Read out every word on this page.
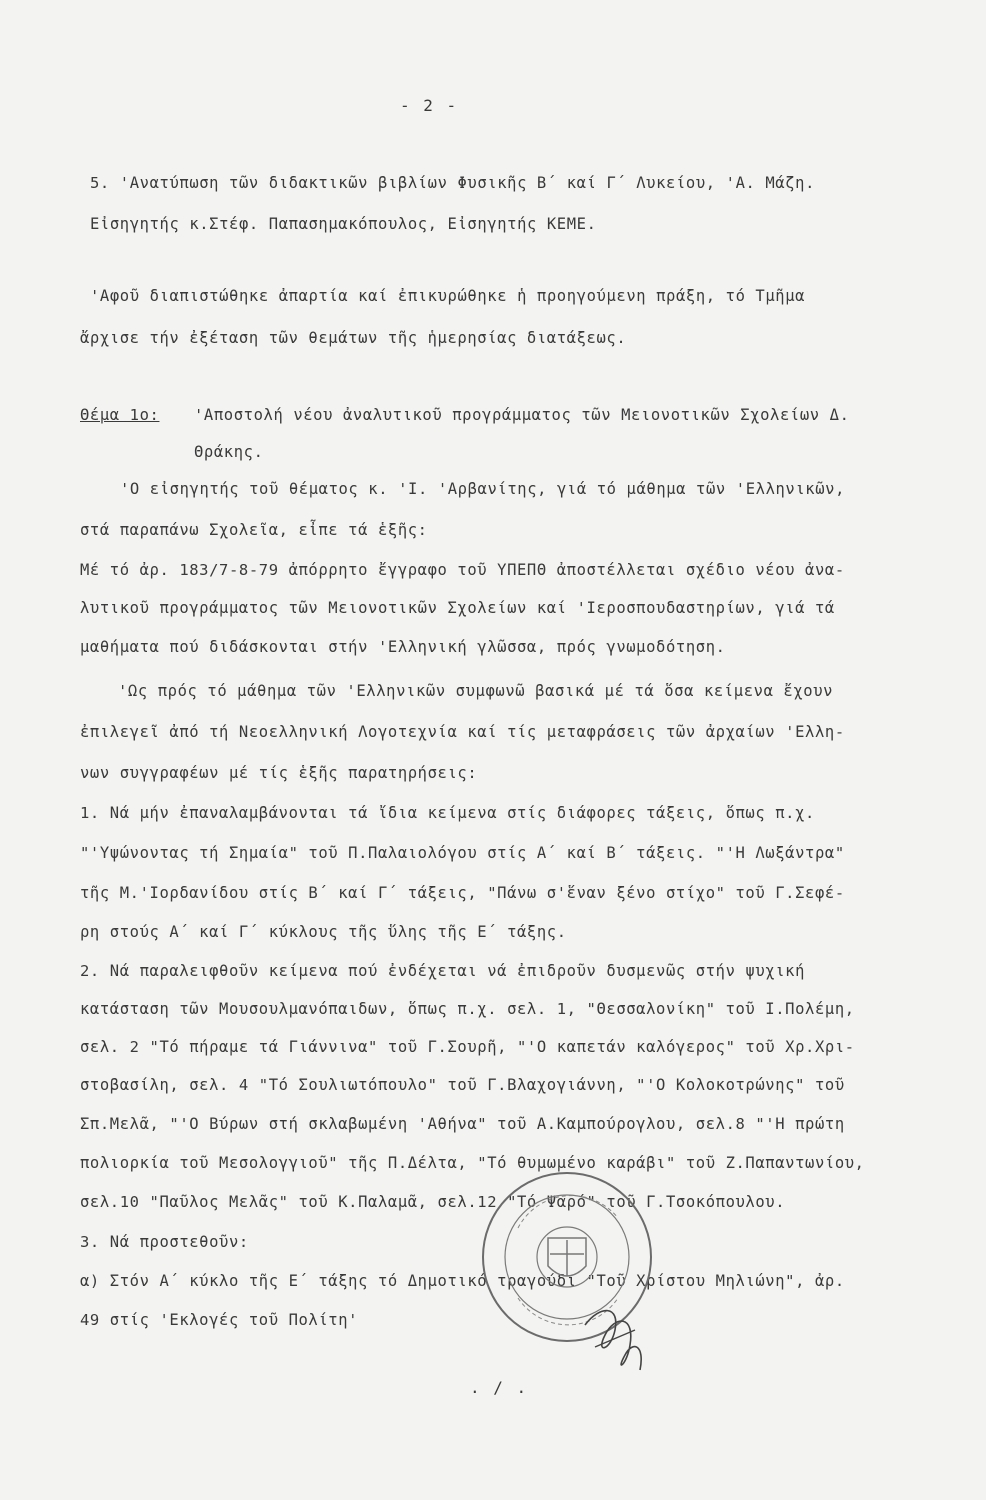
- 2 -
5. 'Ανατύπωση τῶν διδακτικῶν βιβλίων Φυσικῆς Β΄ καί Γ΄ Λυκείου, 'Α. Μάζη.
Εἰσηγητής κ.Στέφ. Παπασημακόπουλος, Εἰσηγητής ΚΕΜΕ.
'Αφοῦ διαπιστώθηκε ἀπαρτία καί ἐπικυρώθηκε ἡ προηγούμενη πράξη, τό Τμῆμα
ἄρχισε τήν ἐξέταση τῶν θεμάτων τῆς ἡμερησίας διατάξεως.
Θέμα 1ο: 'Αποστολή νέου ἀναλυτικοῦ προγράμματος τῶν Μειονοτικῶν Σχολείων Δ.
Θράκης.
'Ο εἰσηγητής τοῦ θέματος κ. 'Ι. 'Αρβανίτης, γιά τό μάθημα τῶν 'Ελληνικῶν,
στά παραπάνω Σχολεῖα, εἶπε τά ἑξῆς:
Μέ τό ἀρ. 183/7-8-79 ἀπόρρητο ἔγγραφο τοῦ ΥΠΕΠΘ ἀποστέλλεται σχέδιο νέου ἀνα-
λυτικοῦ προγράμματος τῶν Μειονοτικῶν Σχολείων καί 'Ιεροσπουδαστηρίων, γιά τά
μαθήματα πού διδάσκονται στήν 'Ελληνική γλῶσσα, πρός γνωμοδότηση.
'Ως πρός τό μάθημα τῶν 'Ελληνικῶν συμφωνῶ βασικά μέ τά ὅσα κείμενα ἔχουν
ἐπιλεγεῖ ἀπό τή Νεοελληνική Λογοτεχνία καί τίς μεταφράσεις τῶν ἀρχαίων 'Ελλη-
νων συγγραφέων μέ τίς ἑξῆς παρατηρήσεις:
1. Νά μήν ἐπαναλαμβάνονται τά ἴδια κείμενα στίς διάφορες τάξεις, ὅπως π.χ.
"'Υψώνοντας τή Σημαία" τοῦ Π.Παλαιολόγου στίς Α΄ καί Β΄ τάξεις. "'Η Λωξάντρα"
τῆς Μ.'Ιορδανίδου στίς Β΄ καί Γ΄ τάξεις, "Πάνω σ'ἕναν ξένο στίχο" τοῦ Γ.Σεφέ-
ρη στούς Α΄ καί Γ΄ κύκλους τῆς ὕλης τῆς Ε΄ τάξης.
2. Νά παραλειφθοῦν κείμενα πού ἐνδέχεται νά ἐπιδροῦν δυσμενῶς στήν ψυχική
κατάσταση τῶν Μουσουλμανόπαιδων, ὅπως π.χ. σελ. 1, "Θεσσαλονίκη" τοῦ Ι.Πολέμη,
σελ. 2 "Τό πήραμε τά Γιάννινα" τοῦ Γ.Σουρῆ, "'Ο καπετάν καλόγερος" τοῦ Χρ.Χρι-
στοβασίλη, σελ. 4 "Τό Σουλιωτόπουλο" τοῦ Γ.Βλαχογιάννη, "'Ο Κολοκοτρώνης" τοῦ
Σπ.Μελᾶ, "'Ο Βύρων στή σκλαβωμένη 'Αθήνα" τοῦ Α.Καμπούρογλου, σελ.8 "'Η πρώτη
πολιορκία τοῦ Μεσολογγιοῦ" τῆς Π.Δέλτα, "Τό θυμωμένο καράβι" τοῦ Ζ.Παπαντωνίου,
σελ.10 "Παῦλος Μελᾶς" τοῦ Κ.Παλαμᾶ, σελ.12 "Τό Ψαρό" τοῦ Γ.Τσοκόπουλου.
3. Νά προστεθοῦν:
α) Στόν Α΄ κύκλο τῆς Ε΄ τάξης τό Δημοτικό τραγούδι "Τοῦ Χρίστου Μηλιώνη", ἀρ.
49 στίς 'Εκλογές τοῦ Πολίτη'
. / .
